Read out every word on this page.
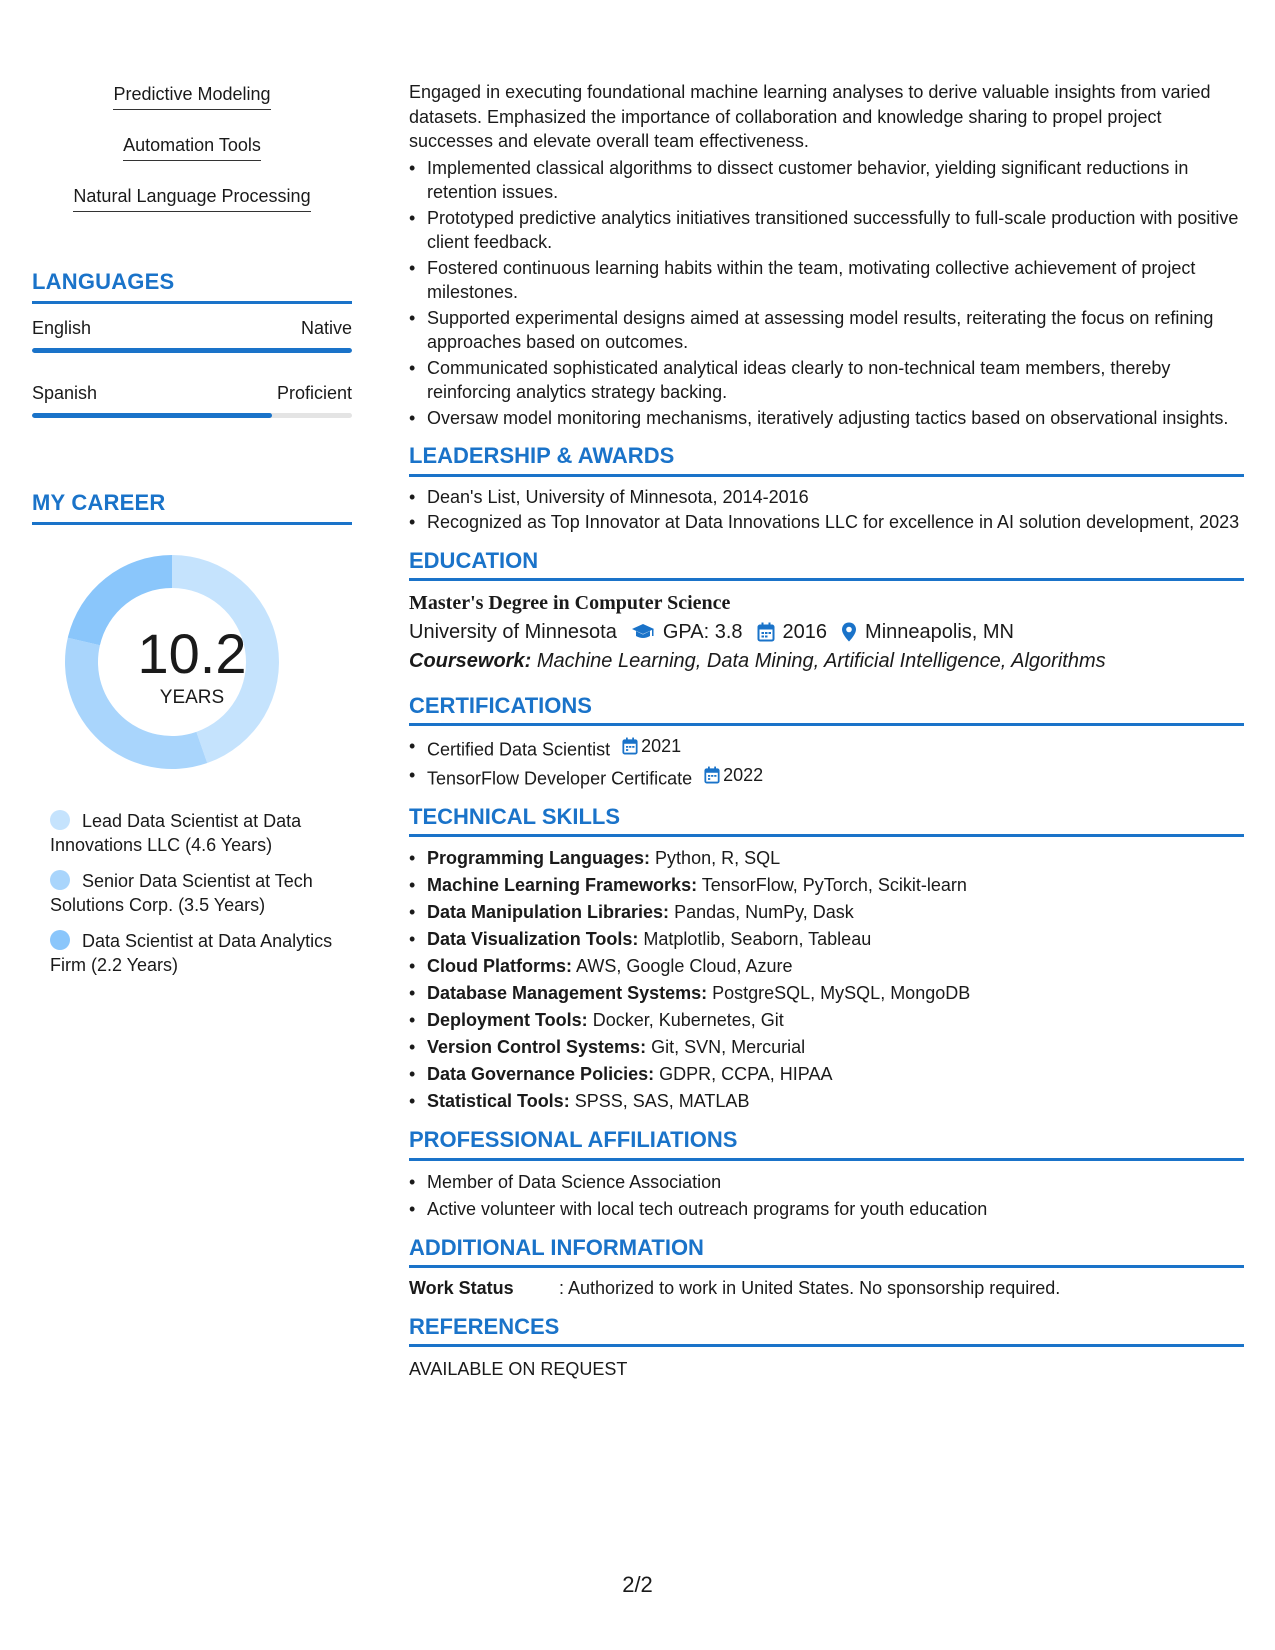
Predictive Modeling
Automation Tools
Natural Language Processing
LANGUAGES
English	Native
Spanish	Proficient
MY CAREER
10.2
YEARS
Lead Data Scientist at Data Innovations LLC (4.6 Years)
Senior Data Scientist at Tech Solutions Corp. (3.5 Years)
Data Scientist at Data Analytics Firm (2.2 Years)

Engaged in executing foundational machine learning analyses to derive valuable insights from varied datasets. Emphasized the importance of collaboration and knowledge sharing to propel project successes and elevate overall team effectiveness.

• Implemented classical algorithms to dissect customer behavior, yielding significant reductions in retention issues.
• Prototyped predictive analytics initiatives transitioned successfully to full-scale production with positive client feedback.
• Fostered continuous learning habits within the team, motivating collective achievement of project milestones.
• Supported experimental designs aimed at assessing model results, reiterating the focus on refining approaches based on outcomes.
• Communicated sophisticated analytical ideas clearly to non-technical team members, thereby reinforcing analytics strategy backing.
• Oversaw model monitoring mechanisms, iteratively adjusting tactics based on observational insights.
LEADERSHIP & AWARDS
• Dean's List, University of Minnesota, 2014-2016
• Recognized as Top Innovator at Data Innovations LLC for excellence in AI solution development, 2023
EDUCATION
Master's Degree in Computer Science
University of Minnesota GPA: 3.8 2016 Minneapolis, MN
Coursework: Machine Learning, Data Mining, Artificial Intelligence, Algorithms
CERTIFICATIONS
• Certified Data Scientist 2021
• TensorFlow Developer Certificate 2022
TECHNICAL SKILLS
• Programming Languages: Python, R, SQL
• Machine Learning Frameworks: TensorFlow, PyTorch, Scikit-learn
• Data Manipulation Libraries: Pandas, NumPy, Dask
• Data Visualization Tools: Matplotlib, Seaborn, Tableau
• Cloud Platforms: AWS, Google Cloud, Azure
• Database Management Systems: PostgreSQL, MySQL, MongoDB
• Deployment Tools: Docker, Kubernetes, Git
• Version Control Systems: Git, SVN, Mercurial
• Data Governance Policies: GDPR, CCPA, HIPAA
• Statistical Tools: SPSS, SAS, MATLAB
PROFESSIONAL AFFILIATIONS
• Member of Data Science Association
• Active volunteer with local tech outreach programs for youth education
ADDITIONAL INFORMATION
Work Status	: Authorized to work in United States. No sponsorship required.
REFERENCES
AVAILABLE ON REQUEST
2/2
